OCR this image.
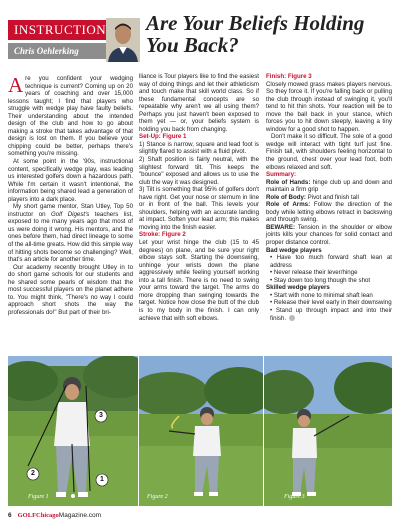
INSTRUCTION
Chris Oehlerking
Are Your Beliefs Holding You Back?

Are you confident your wedging technique is current? Coming up on 20 years of coaching and over 15,000 lessons taught; I find that players who struggle with wedge play have faulty beliefs. Their understanding about the intended design of the club and how to go about making a stroke that takes advantage of that design is lost on them. If you believe your chipping could be better, perhaps there's something you're missing.

At some point in the '90s, instructional content, specifically wedge play, was leading us interested golfers down a hazardous path. While I'm certain it wasn't intentional, the information being shared lead a generation of players into a dark place.

My short game mentor, Stan Utley, Top 50 instructor on Golf Digest's teachers list, exposed to me many years ago that most of us were doing it wrong. His mentors, and the ones before them, had direct lineage to some of the all-time greats. How did this simple way of hitting shots become so challenging? Well, that's an article for another time.

Our academy recently brought Utley in to do short game schools for our students and he shared some pearls of wisdom that the most successful players on the planet adhere to. You might think, "There's no way I could approach short shots the way the professionals do!" But part of their bri-

lliance is Tour players like to find the easiest way of doing things and let their athleticism and touch make that skill world class. So if these fundamental concepts are so repeatable why aren't we all using them? Perhaps you just haven't been exposed to them yet — or, your beliefs system is holding you back from changing.

Set-Up: Figure 1

1) Stance is narrow, square and lead foot is slightly flared to assist with a fluid pivot.

2) Shaft position is fairly neutral, with the slightest forward tilt. This keeps the "bounce" exposed and allows us to use the club the way it was designed.

3) Tilt is something that 95% of golfers don't have right. Get your nose or sternum in line or in front of the ball. This levels your shoulders, helping with an accurate landing at impact. Soften your lead arm; this makes moving into the finish easier.

Stroke: Figure 2

Let your wrist hinge the club (15 to 45 degrees) on plane, and be sure your right elbow stays soft. Starting the downswing, unhinge your wrists down the plane aggressively while feeling yourself working into a tall finish. There is no need to swing your arms toward the target. The arms do more dropping than swinging towards the target. Notice how close the butt of the club is to my body in the finish. I can only achieve that with soft elbows.

Finish: Figure 3

Closely mowed grass makes players nervous. So they force it. If you're falling back or pulling the club through instead of swinging it, you'll tend to hit thin shots. Your reaction will be to move the ball back in your stance, which forces you to hit down steeply, leaving a tiny window for a good shot to happen.

Don't make it so difficult. The sole of a good wedge will interact with tight turf just fine. Finish tall, with shoulders feeling horizontal to the ground, chest over your lead foot, both elbows relaxed and soft.

Summary:

Role of Hands: hinge club up and down and maintain a firm grip

Role of Body: Pivot and finish tall

Role of Arms: Follow the direction of the body while letting elbows retract in backswing and through swing.

BEWARE: Tension in the shoulder or elbow joints kills your chances for solid contact and proper distance control.

Bad wedge players

• Have too much forward shaft lean at address

• Never release their lever/hinge

• Stay down too long though the shot

Skilled wedge players

• Start with none to minimal shaft lean

• Release their level early in their downswing

• Stand up through impact and into their finish.

Figure 1
3
2
1
Figure 2	Figure 3
6 GOLFChicagoMagazine.com
